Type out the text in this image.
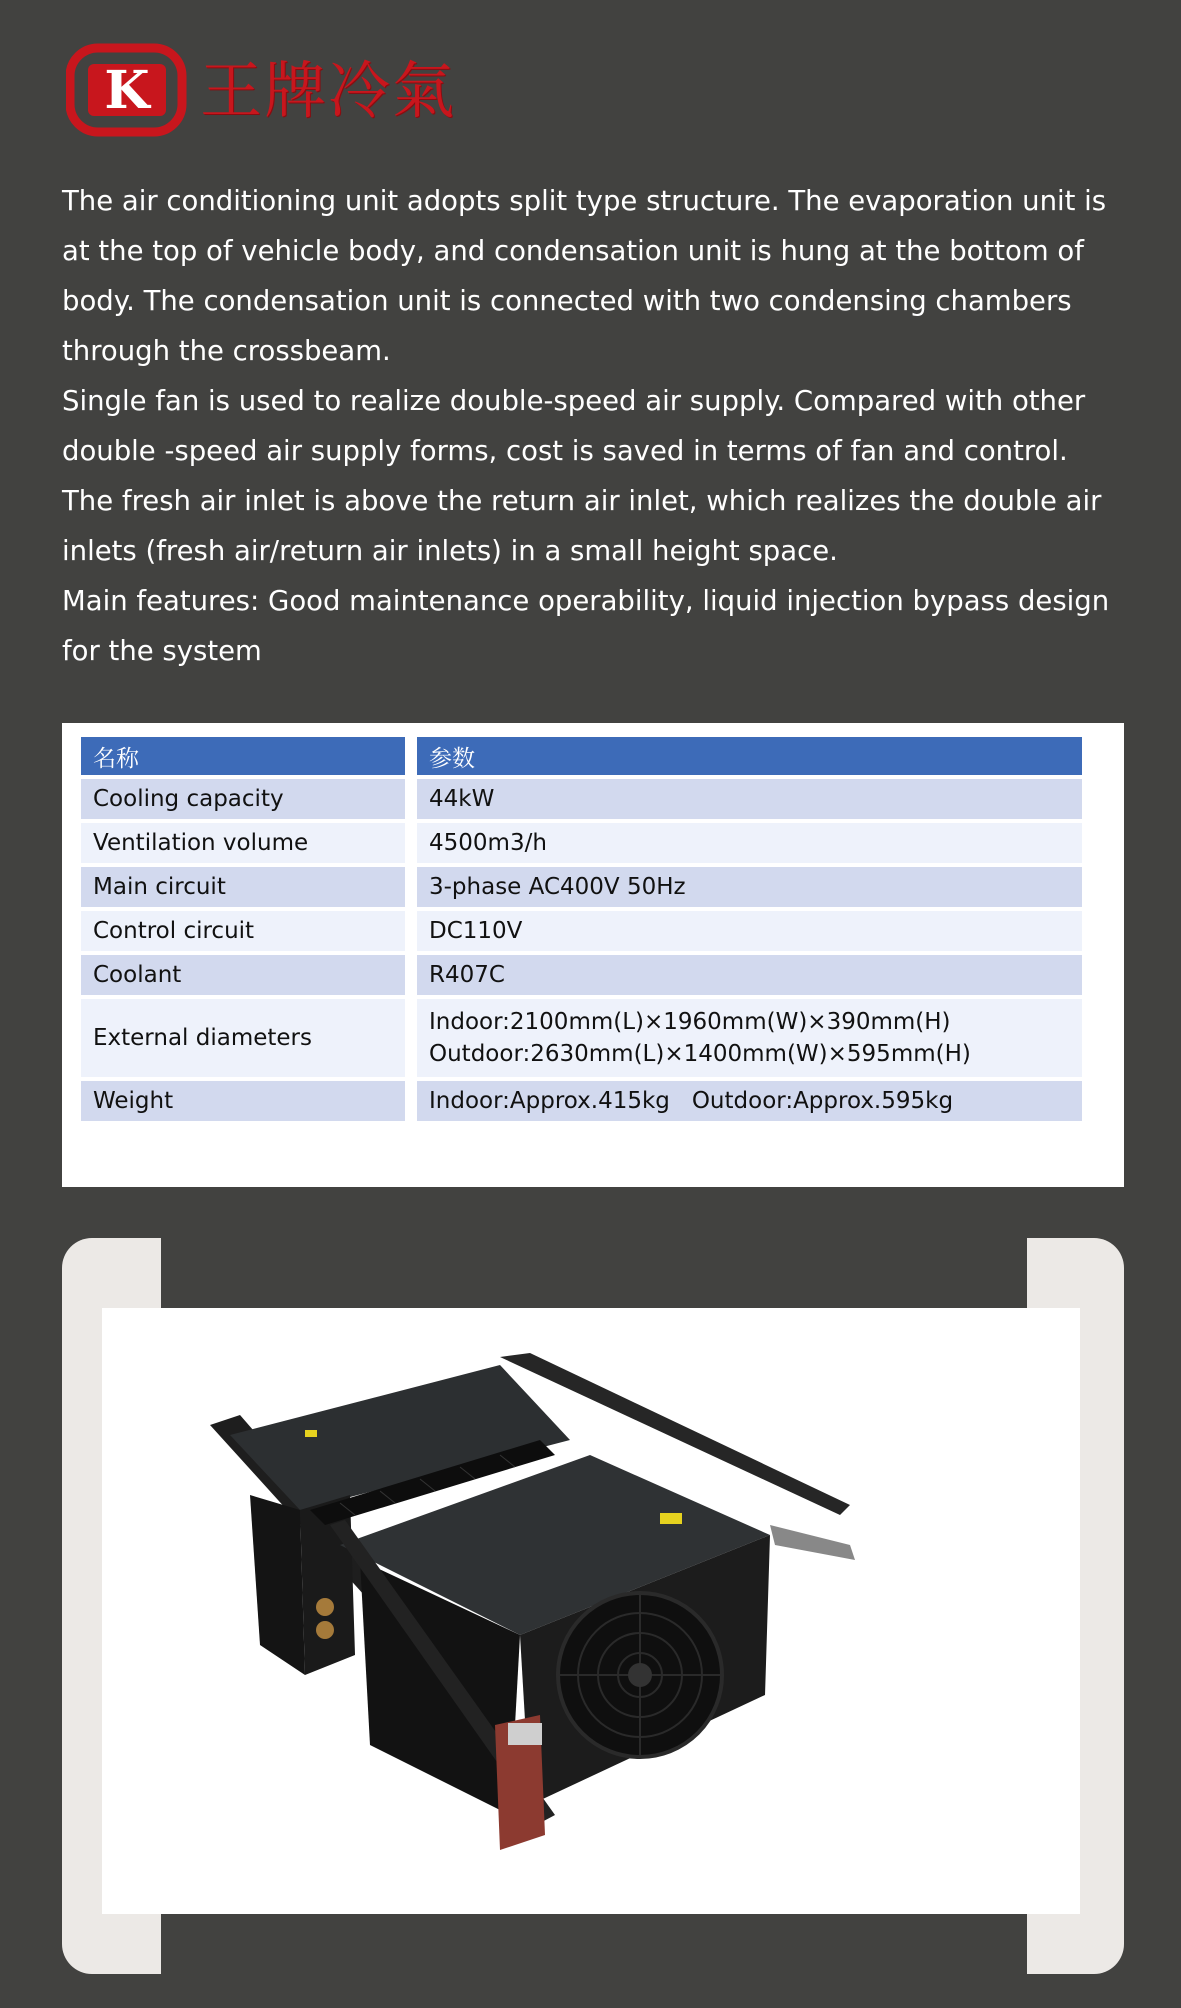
K 王牌冷氣

The air conditioning unit adopts split type structure. The evaporation unit is at the top of vehicle body, and condensation unit is hung at the bottom of body. The condensation unit is connected with two condensing chambers through the crossbeam.

Single fan is used to realize double-speed air supply. Compared with other double -speed air supply forms, cost is saved in terms of fan and control.

The fresh air inlet is above the return air inlet, which realizes the double air inlets (fresh air/return air inlets) in a small height space.

Main features: Good maintenance operability, liquid injection bypass design for the system

名称	参数
Cooling capacity	44kW
Ventilation volume	4500m3/h
Main circuit	3-phase AC400V 50Hz
Control circuit	DC110V
Coolant	R407C
External diameters	Indoor:2100mm(L)×1960mm(W)×390mm(H)
Outdoor:2630mm(L)×1400mm(W)×595mm(H)

Weight	Indoor:Approx.415kg   Outdoor:Approx.595kg
